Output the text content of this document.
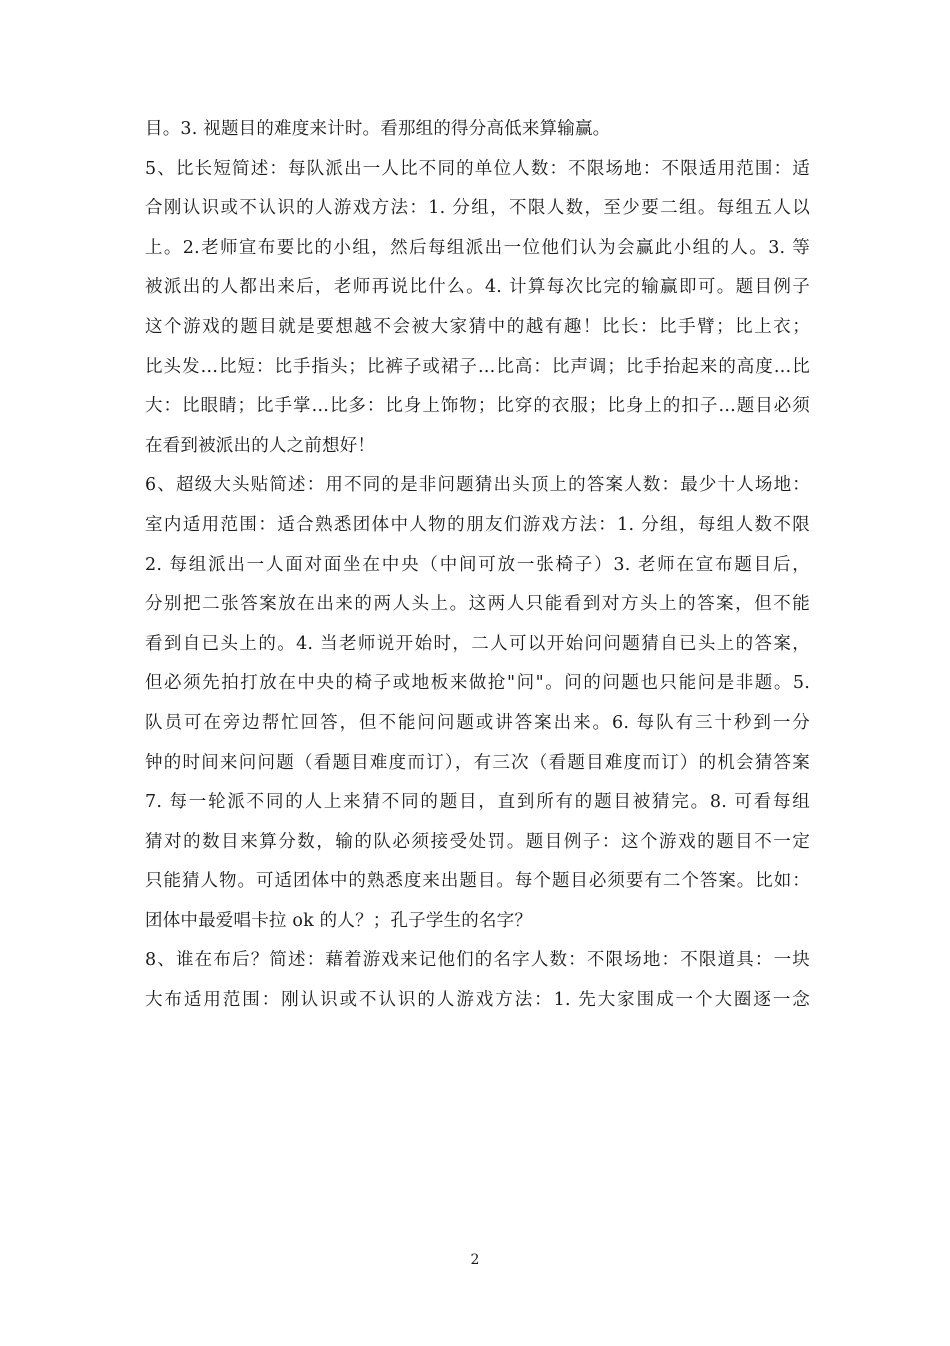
目。3. 视题目的难度来计时。看那组的得分高低来算输赢。
5、比长短简述：每队派出一人比不同的单位人数：不限场地：不限适用范围：适
合刚认识或不认识的人游戏方法：1. 分组，不限人数，至少要二组。每组五人以
上。2.老师宣布要比的小组，然后每组派出一位他们认为会赢此小组的人。3. 等
被派出的人都出来后，老师再说比什么。4. 计算每次比完的输赢即可。题目例子
这个游戏的题目就是要想越不会被大家猜中的越有趣！比长：比手臂；比上衣；
比头发…比短：比手指头；比裤子或裙子…比高：比声调；比手抬起来的高度…比
大：比眼睛；比手掌…比多：比身上饰物；比穿的衣服；比身上的扣子…题目必须
在看到被派出的人之前想好！
6、超级大头贴简述：用不同的是非问题猜出头顶上的答案人数：最少十人场地：
室内适用范围：适合熟悉团体中人物的朋友们游戏方法：1. 分组，每组人数不限
2. 每组派出一人面对面坐在中央（中间可放一张椅子）3. 老师在宣布题目后，
分别把二张答案放在出来的两人头上。这两人只能看到对方头上的答案，但不能
看到自已头上的。4. 当老师说开始时，二人可以开始问问题猜自已头上的答案，
但必须先拍打放在中央的椅子或地板来做抢"问"。问的问题也只能问是非题。5.
队员可在旁边帮忙回答，但不能问问题或讲答案出来。6. 每队有三十秒到一分
钟的时间来问问题（看题目难度而订），有三次（看题目难度而订）的机会猜答案
7. 每一轮派不同的人上来猜不同的题目，直到所有的题目被猜完。8. 可看每组
猜对的数目来算分数，输的队必须接受处罚。题目例子：这个游戏的题目不一定
只能猜人物。可适团体中的熟悉度来出题目。每个题目必须要有二个答案。比如：
团体中最爱唱卡拉 ok 的人？；孔子学生的名字？
8、谁在布后？简述：藉着游戏来记他们的名字人数：不限场地：不限道具：一块
大布适用范围：刚认识或不认识的人游戏方法：1. 先大家围成一个大圈逐一念
2
